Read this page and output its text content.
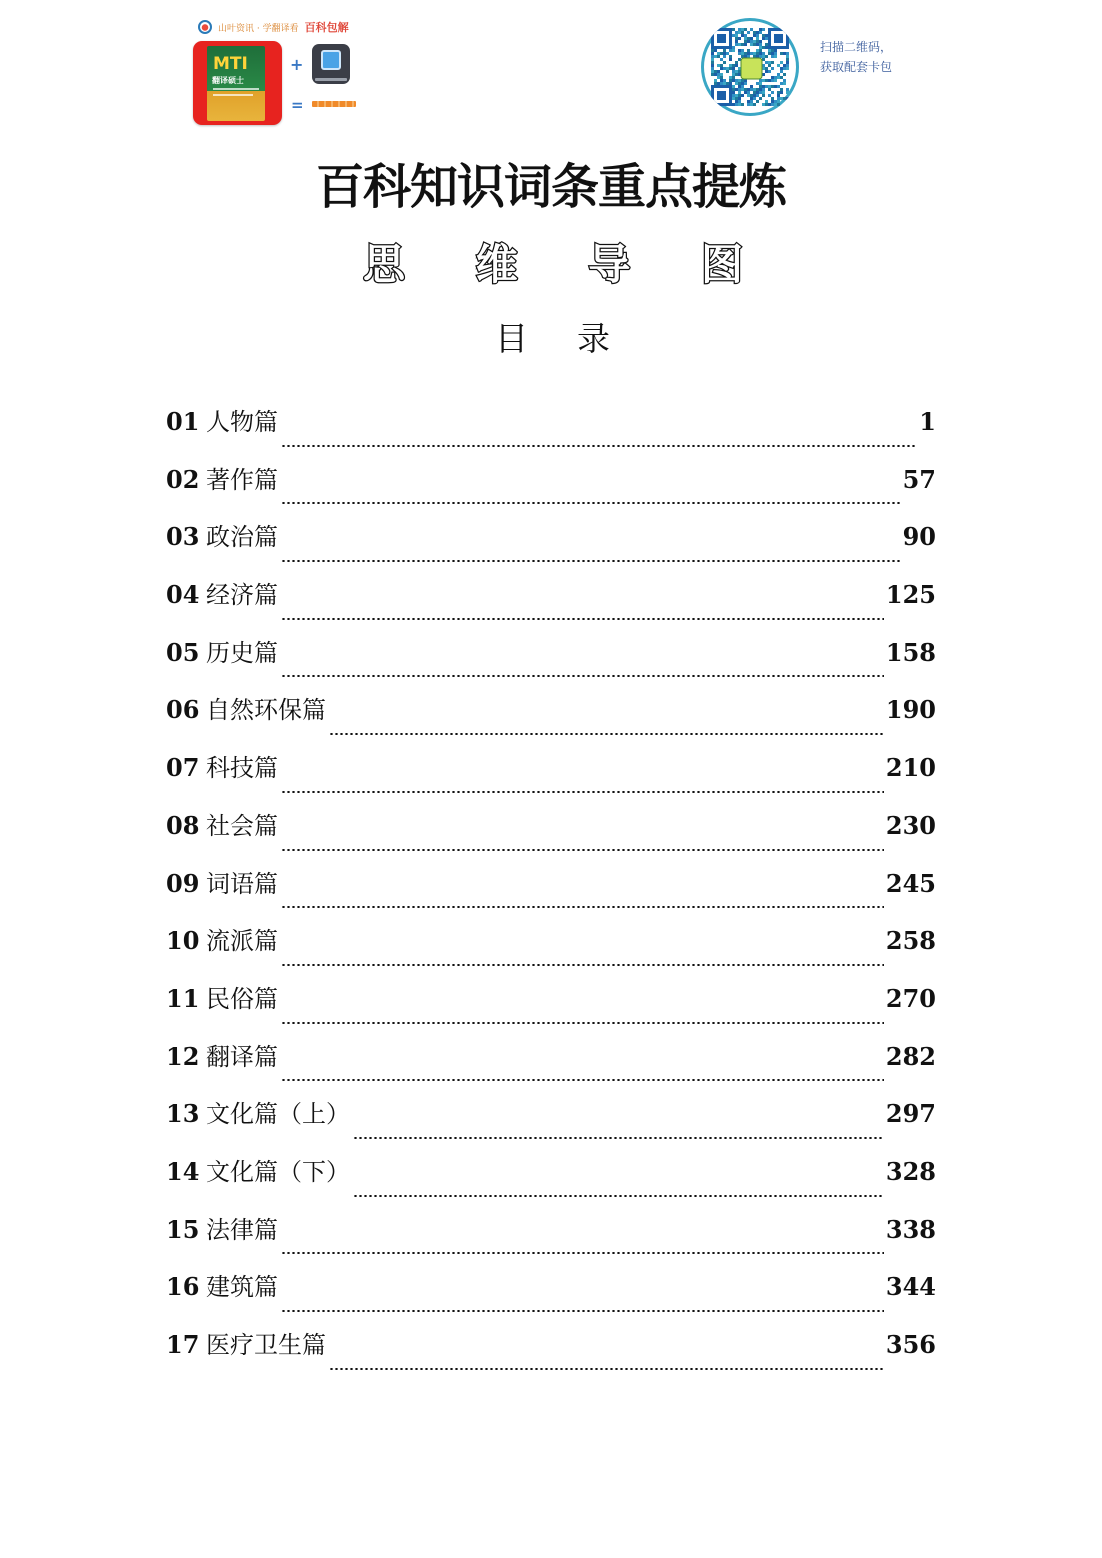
山叶资讯 · 学翻译看 百科包解
MTI
翻译硕士
+
=
扫描二维码，
获取配套卡包
百科知识词条重点提炼
思 维 导 图
目 录
01 人物篇	1
02 著作篇	57
03 政治篇	90
04 经济篇	125
05 历史篇	158
06 自然环保篇	190
07 科技篇	210
08 社会篇	230
09 词语篇	245
10 流派篇	258
11 民俗篇	270
12 翻译篇	282
13 文化篇（上）	297
14 文化篇（下）	328
15 法律篇	338
16 建筑篇	344
17 医疗卫生篇	356
